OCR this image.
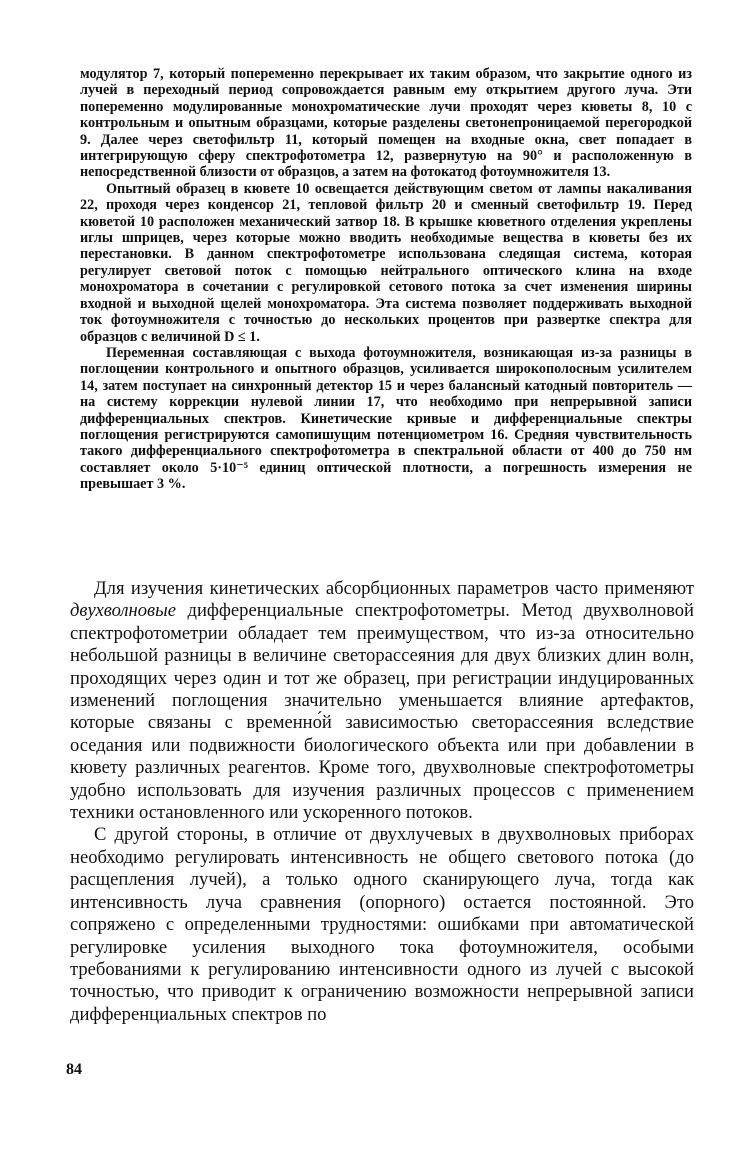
модулятор 7, который попеременно перекрывает их таким образом, что закрытие одного из лучей в переходный период сопровождается равным ему открытием другого луча. Эти попеременно модулированные монохроматические лучи проходят через кюветы 8, 10 с контрольным и опытным образцами, которые разделены светонепроницаемой перегородкой 9. Далее через светофильтр 11, который помещен на входные окна, свет попадает в интегрирующую сферу спектрофотометра 12, развернутую на 90° и расположенную в непосредственной близости от образцов, а затем на фотокатод фотоумножителя 13.

Опытный образец в кювете 10 освещается действующим светом от лампы накаливания 22, проходя через конденсор 21, тепловой фильтр 20 и сменный светофильтр 19. Перед кюветой 10 расположен механический затвор 18. В крышке кюветного отделения укреплены иглы шприцев, через которые можно вводить необходимые вещества в кюветы без их перестановки. В данном спектрофотометре использована следящая система, которая регулирует световой поток с помощью нейтрального оптического клина на входе монохроматора в сочетании с регулировкой сетового потока за счет изменения ширины входной и выходной щелей монохроматора. Эта система позволяет поддерживать выходной ток фотоумножителя с точностью до нескольких процентов при развертке спектра для образцов с величиной D ≤ 1.

Переменная составляющая с выхода фотоумножителя, возникающая из-за разницы в поглощении контрольного и опытного образцов, усиливается широкополосным усилителем 14, затем поступает на синхронный детектор 15 и через балансный катодный повторитель — на систему коррекции нулевой линии 17, что необходимо при непрерывной записи дифференциальных спектров. Кинетические кривые и дифференциальные спектры поглощения регистрируются самопишущим потенциометром 16. Средняя чувствительность такого дифференциального спектрофотометра в спектральной области от 400 до 750 нм составляет около 5·10⁻⁵ единиц оптической плотности, а погрешность измерения не превышает 3 %.

Для изучения кинетических абсорбционных параметров часто применяют двухволновые дифференциальные спектрофотометры. Метод двухволновой спектрофотометрии обладает тем преимуществом, что из-за относительно небольшой разницы в величине светорассеяния для двух близких длин волн, проходящих через один и тот же образец, при регистрации индуцированных изменений поглощения значительно уменьшается влияние артефактов, которые связаны с временно́й зависимостью светорассеяния вследствие оседания или подвижности биологического объекта или при добавлении в кювету различных реагентов. Кроме того, двухволновые спектрофотометры удобно использовать для изучения различных процессов с применением техники остановленного или ускоренного потоков.

С другой стороны, в отличие от двухлучевых в двухволновых приборах необходимо регулировать интенсивность не общего светового потока (до расщепления лучей), а только одного сканирующего луча, тогда как интенсивность луча сравнения (опорного) остается постоянной. Это сопряжено с определенными трудностями: ошибками при автоматической регулировке усиления выходного тока фотоумножителя, особыми требованиями к регулированию интенсивности одного из лучей с высокой точностью, что приводит к ограничению возможности непрерывной записи дифференциальных спектров по

84
